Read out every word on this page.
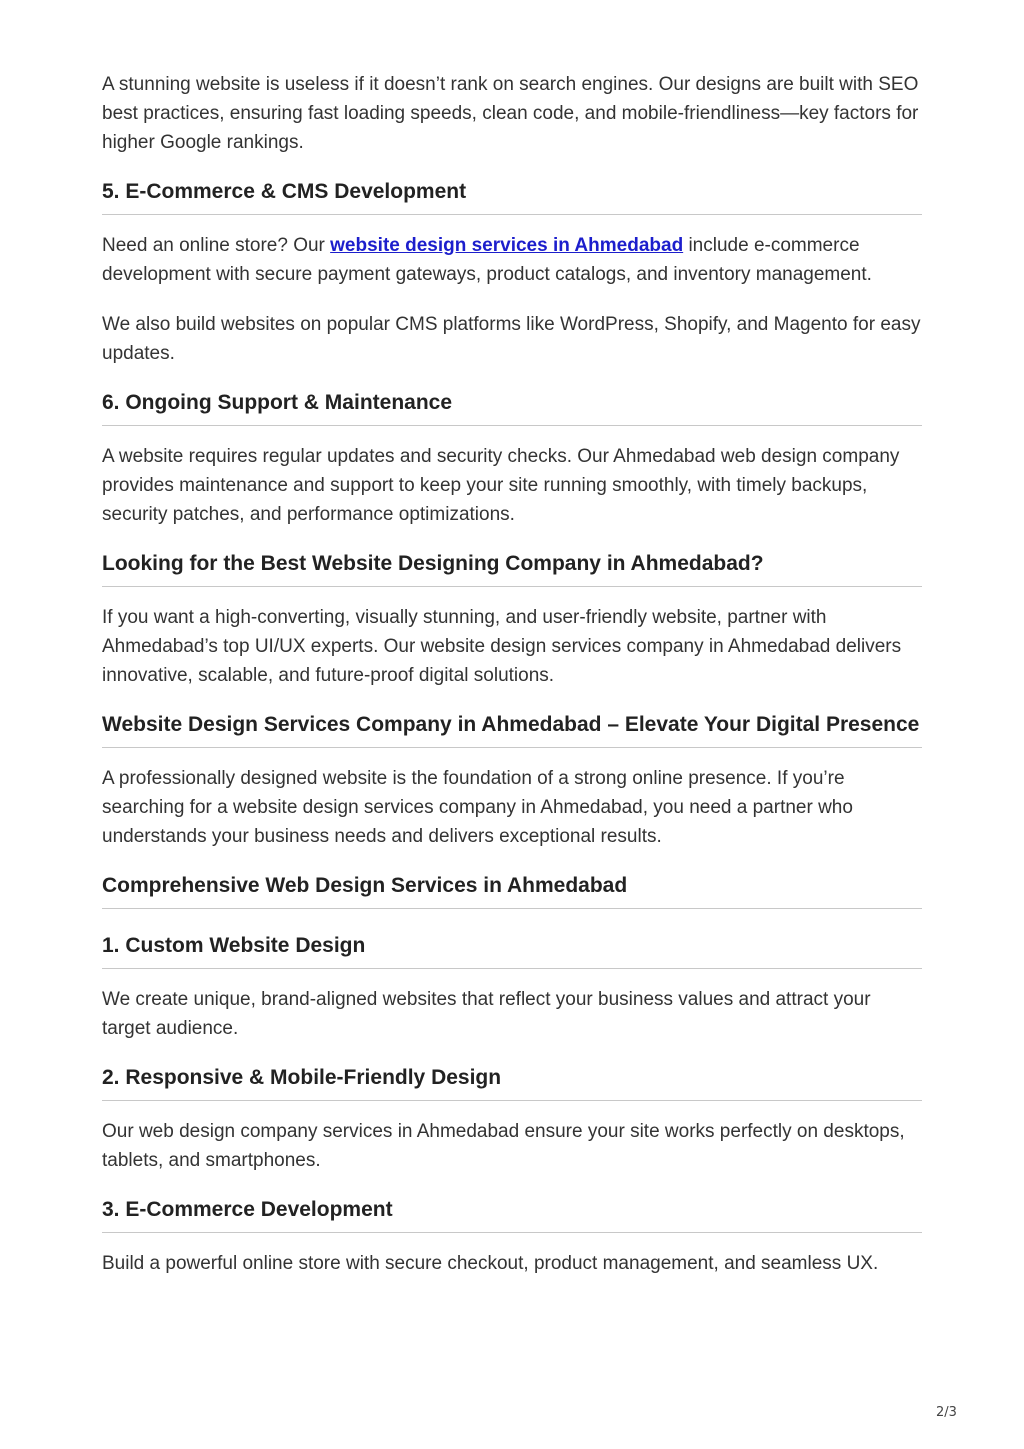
A stunning website is useless if it doesn’t rank on search engines. Our designs are built with SEO best practices, ensuring fast loading speeds, clean code, and mobile-friendliness—key factors for higher Google rankings.

5. E-Commerce & CMS Development

Need an online store? Our website design services in Ahmedabad include e-commerce development with secure payment gateways, product catalogs, and inventory management.

We also build websites on popular CMS platforms like WordPress, Shopify, and Magento for easy updates.

6. Ongoing Support & Maintenance

A website requires regular updates and security checks. Our Ahmedabad web design company provides maintenance and support to keep your site running smoothly, with timely backups, security patches, and performance optimizations.

Looking for the Best Website Designing Company in Ahmedabad?

If you want a high-converting, visually stunning, and user-friendly website, partner with Ahmedabad’s top UI/UX experts. Our website design services company in Ahmedabad delivers innovative, scalable, and future-proof digital solutions.

Website Design Services Company in Ahmedabad – Elevate Your Digital Presence

A professionally designed website is the foundation of a strong online presence. If you’re searching for a website design services company in Ahmedabad, you need a partner who understands your business needs and delivers exceptional results.

Comprehensive Web Design Services in Ahmedabad
1. Custom Website Design

We create unique, brand-aligned websites that reflect your business values and attract your target audience.

2. Responsive & Mobile-Friendly Design

Our web design company services in Ahmedabad ensure your site works perfectly on desktops, tablets, and smartphones.

3. E-Commerce Development

Build a powerful online store with secure checkout, product management, and seamless UX.

2/3
